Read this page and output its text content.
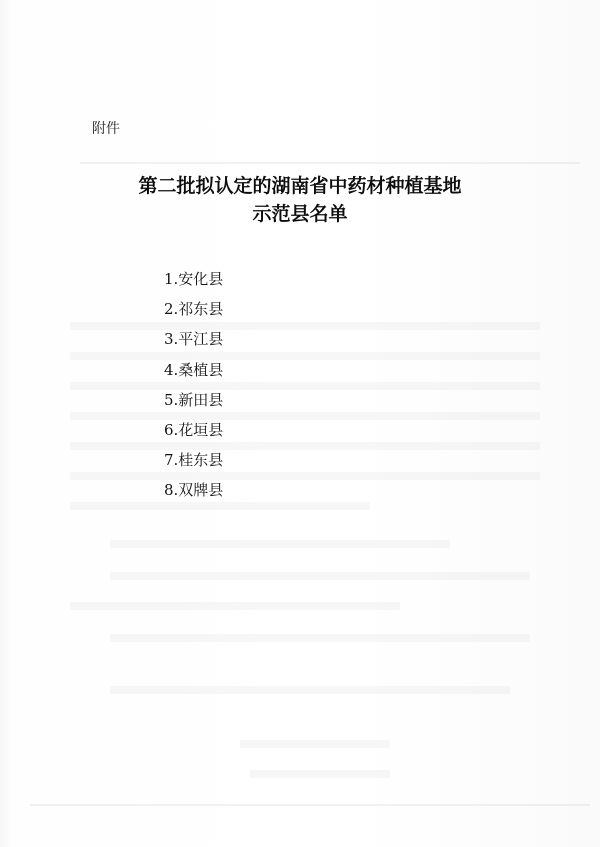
附件
第二批拟认定的湖南省中药材种植基地
示范县名单
1.安化县
2.祁东县
3.平江县
4.桑植县
5.新田县
6.花垣县
7.桂东县
8.双牌县
